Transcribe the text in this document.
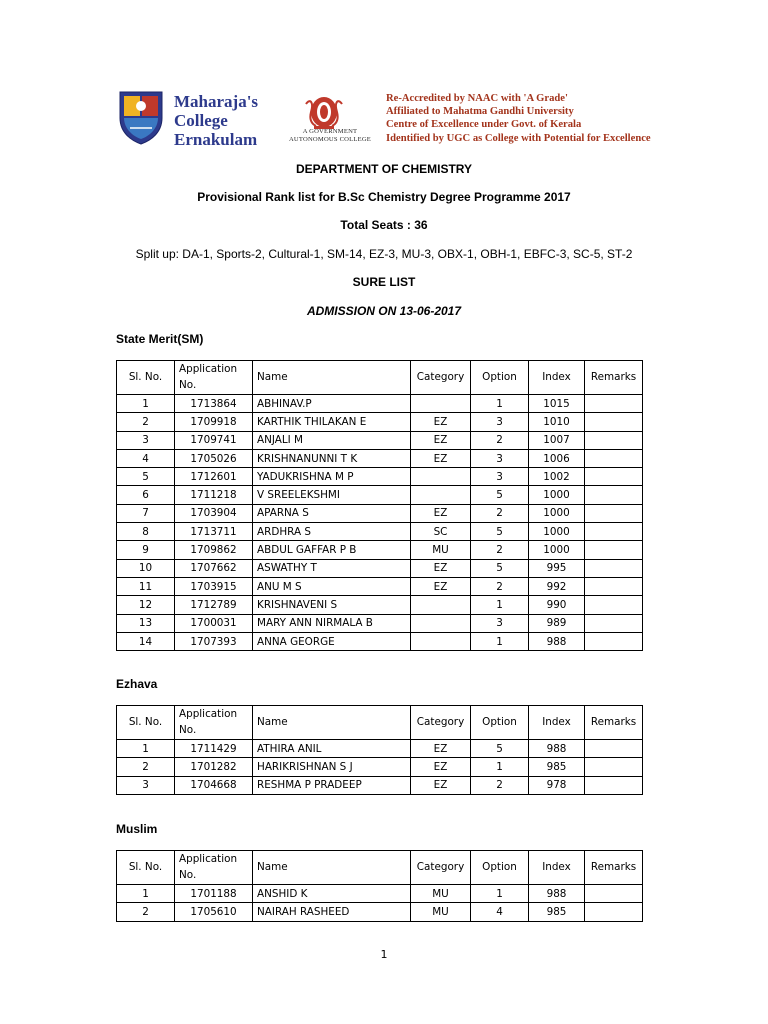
Maharaja's
College
Ernakulam	A GOVERNMENT
AUTONOMOUS COLLEGE
Re-Accredited by NAAC with 'A Grade'
Affiliated to Mahatma Gandhi University
Centre of Excellence under Govt. of Kerala
Identified by UGC as College with Potential for Excellence
DEPARTMENT OF CHEMISTRY
Provisional Rank list for B.Sc Chemistry Degree Programme 2017
Total Seats : 36
Split up: DA-1, Sports-2, Cultural-1, SM-14, EZ-3, MU-3, OBX-1, OBH-1, EBFC-3, SC-5, ST-2
SURE LIST
ADMISSION ON 13-06-2017
State Merit(SM)
Sl. No.	Application No.	Name	Category	Option	Index	Remarks
1	1713864	ABHINAV.P		1	1015	
2	1709918	KARTHIK THILAKAN E	EZ	3	1010	
3	1709741	ANJALI M	EZ	2	1007	
4	1705026	KRISHNANUNNI T K	EZ	3	1006	
5	1712601	YADUKRISHNA M P		3	1002	
6	1711218	V SREELEKSHMI		5	1000	
7	1703904	APARNA S	EZ	2	1000	
8	1713711	ARDHRA S	SC	5	1000	
9	1709862	ABDUL GAFFAR P B	MU	2	1000	
10	1707662	ASWATHY T	EZ	5	995	
11	1703915	ANU M S	EZ	2	992	
12	1712789	KRISHNAVENI S		1	990	
13	1700031	MARY ANN NIRMALA B		3	989	
14	1707393	ANNA GEORGE		1	988	
Ezhava
Sl. No.	Application No.	Name	Category	Option	Index	Remarks
1	1711429	ATHIRA ANIL	EZ	5	988	
2	1701282	HARIKRISHNAN S J	EZ	1	985	
3	1704668	RESHMA P PRADEEP	EZ	2	978	
Muslim
Sl. No.	Application No.	Name	Category	Option	Index	Remarks
1	1701188	ANSHID K	MU	1	988	
2	1705610	NAIRAH RASHEED	MU	4	985	
1
